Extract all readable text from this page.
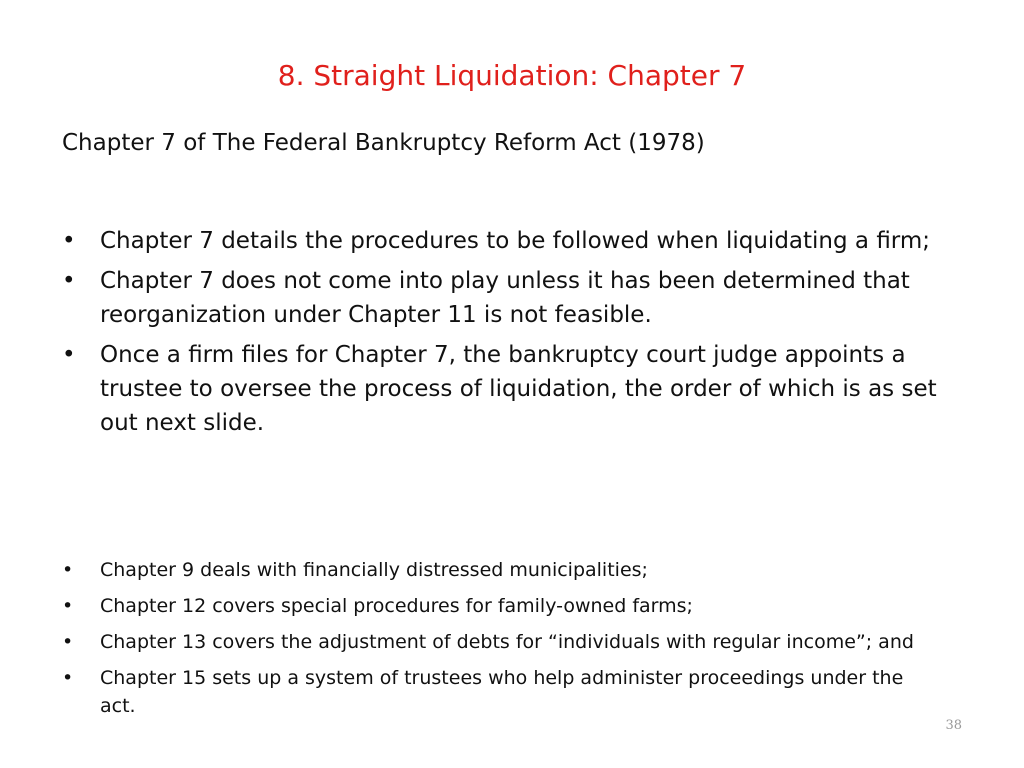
8. Straight Liquidation: Chapter 7

Chapter 7 of The Federal Bankruptcy Reform Act (1978)

• Chapter 7 details the procedures to be followed when liquidating a firm;
• Chapter 7 does not come into play unless it has been determined that reorganization under Chapter 11 is not feasible.
• Once a firm files for Chapter 7, the bankruptcy court judge appoints a trustee to oversee the process of liquidation, the order of which is as set out next slide.
• Chapter 9 deals with financially distressed municipalities;
• Chapter 12 covers special procedures for family-owned farms;
• Chapter 13 covers the adjustment of debts for “individuals with regular income”; and
• Chapter 15 sets up a system of trustees who help administer proceedings under the act.
38
